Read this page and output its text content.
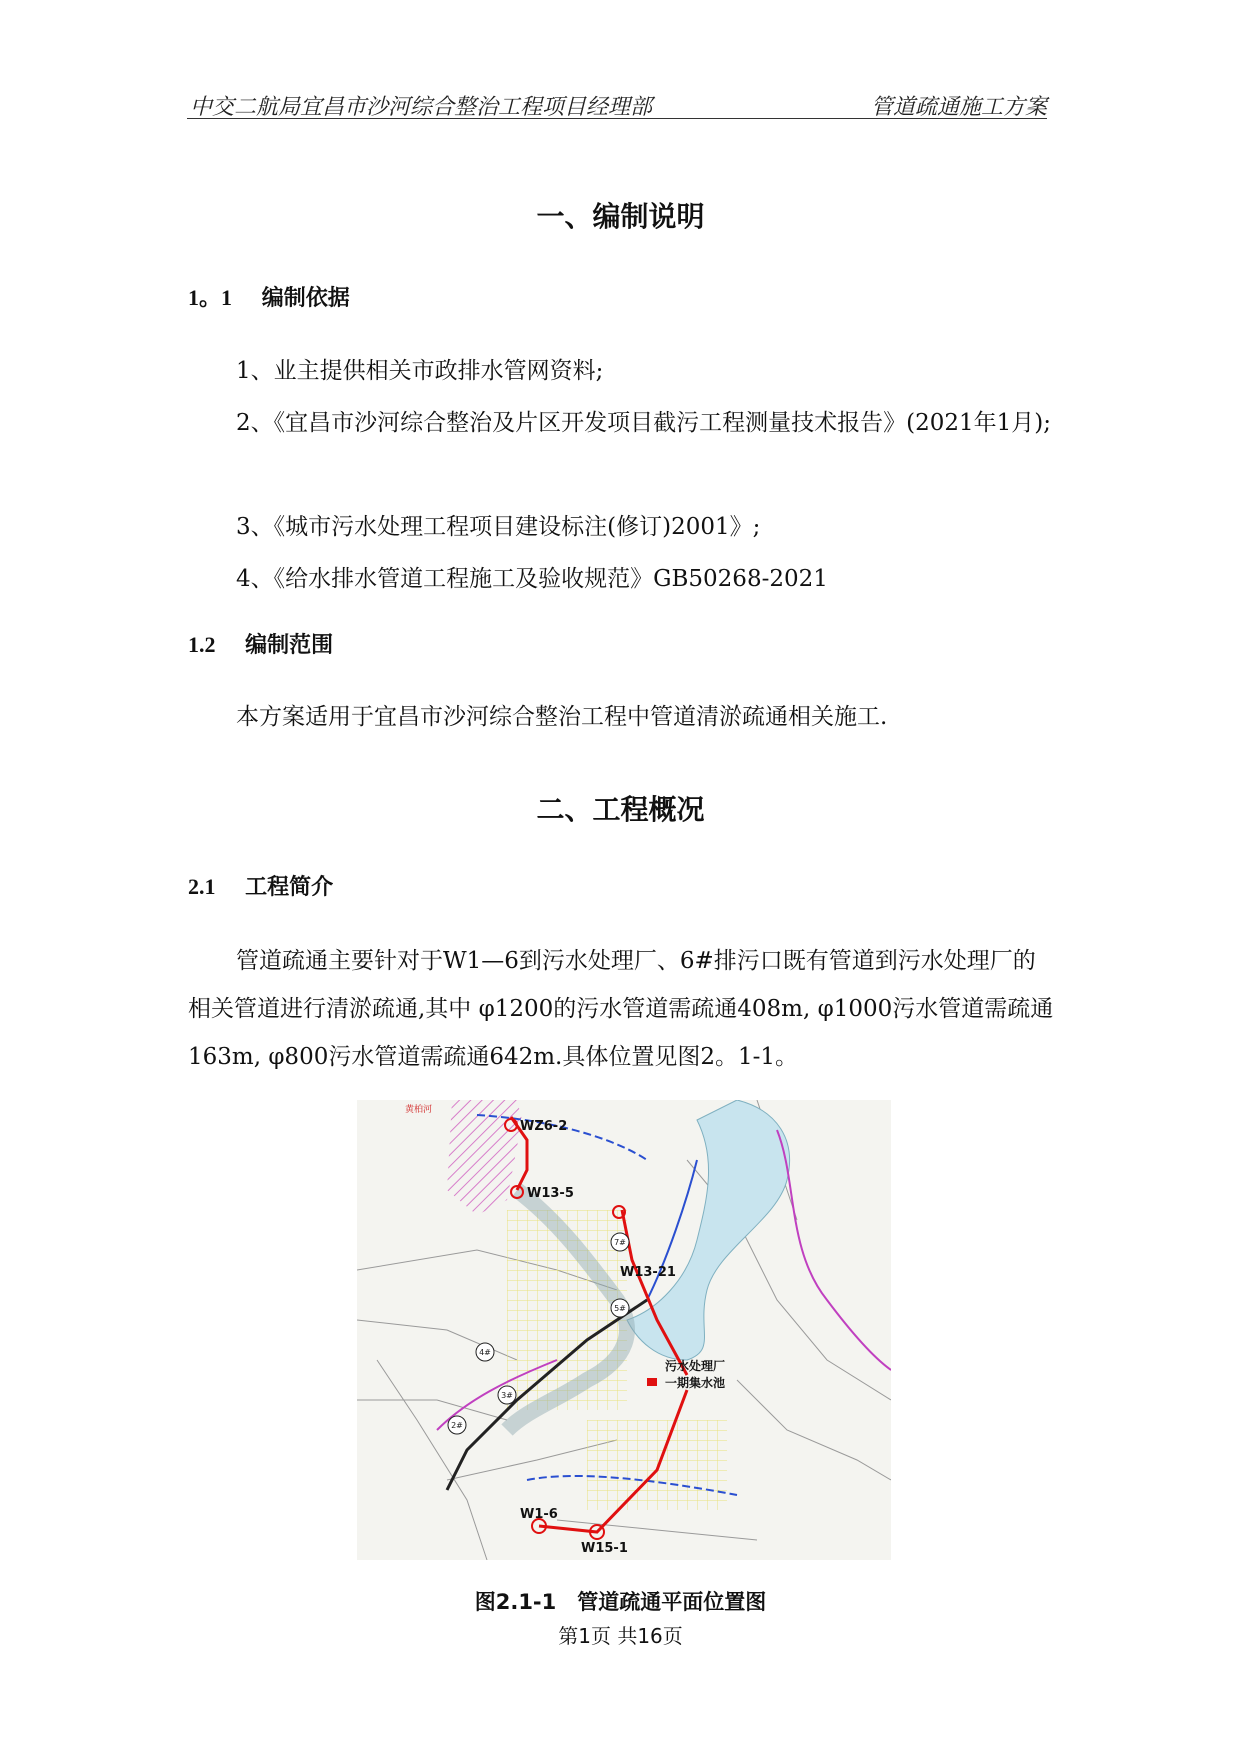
中交二航局宜昌市沙河综合整治工程项目经理部	管道疏通施工方案
一、编制说明
1。1 编制依据
1、业主提供相关市政排水管网资料;
2、《宜昌市沙河综合整治及片区开发项目截污工程测量技术报告》(2021年1月);
3、《城市污水处理工程项目建设标注(修订)2001》;
4、《给水排水管道工程施工及验收规范》GB50268-2021
1.2 编制范围
本方案适用于宜昌市沙河综合整治工程中管道清淤疏通相关施工.
二、工程概况
2.1 工程简介
管道疏通主要针对于W1—6到污水处理厂、6#排污口既有管道到污水处理厂的相关管道进行清淤疏通,其中 φ1200的污水管道需疏通408m, φ1000污水管道需疏通163m, φ800污水管道需疏通642m.具体位置见图2。1-1。
WZ6-2
W13-5
W13-21
W1-6
W15-1
污水处理厂
一期集水池
7#
5#
4#
3#
2#
黄柏河
图2.1-1　管道疏通平面位置图
第1页 共16页
